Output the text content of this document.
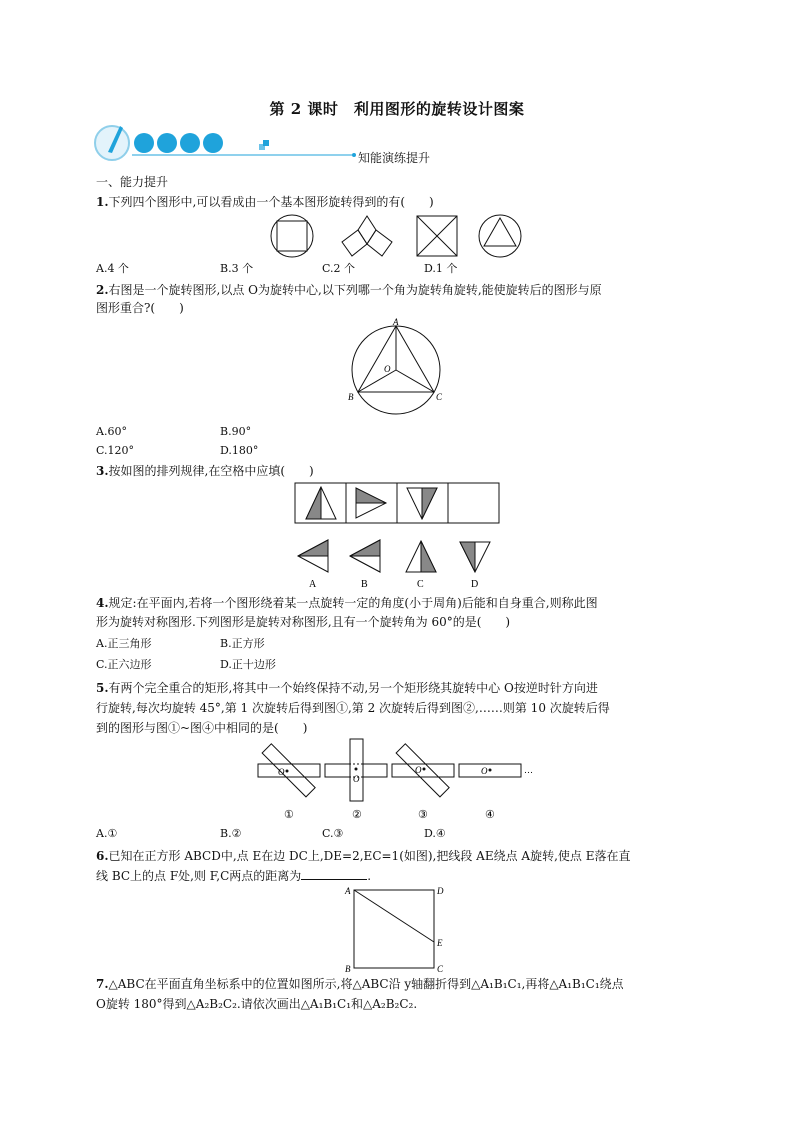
第 2 课时　利用图形的旋转设计图案
知能演练提升
一、能力提升
1.下列四个图形中,可以看成由一个基本图形旋转得到的有(　　)
A.4 个	B.3 个	C.2 个	D.1 个
2.右图是一个旋转图形,以点 O为旋转中心,以下列哪一个角为旋转角旋转,能使旋转后的图形与原
图形重合?(　　)
A
O
B	C
A.60°	B.90°
C.120°	D.180°
3.按如图的排列规律,在空格中应填(　　)
A	B	C	D
4.规定:在平面内,若将一个图形绕着某一点旋转一定的角度(小于周角)后能和自身重合,则称此图
形为旋转对称图形.下列图形是旋转对称图形,且有一个旋转角为 60°的是(　　)
A.正三角形	B.正方形
C.正六边形	D.正十边形
5.有两个完全重合的矩形,将其中一个始终保持不动,另一个矩形绕其旋转中心 O按逆时针方向进
行旋转,每次均旋转 45°,第 1 次旋转后得到图①,第 2 次旋转后得到图②,……则第 10 次旋转后得
到的图形与图①~图④中相同的是(　　)
O
①
O
②
O
③
O
④
…
A.①	B.②	C.③	D.④
6.已知在正方形 ABCD中,点 E在边 DC上,DE=2,EC=1(如图),把线段 AE绕点 A旋转,使点 E落在直
线 BC上的点 F处,则 F,C两点的距离为	.
A	D
E
B	C
7.△ABC在平面直角坐标系中的位置如图所示,将△ABC沿 y轴翻折得到△A₁B₁C₁,再将△A₁B₁C₁绕点
O旋转 180°得到△A₂B₂C₂.请依次画出△A₁B₁C₁和△A₂B₂C₂.
